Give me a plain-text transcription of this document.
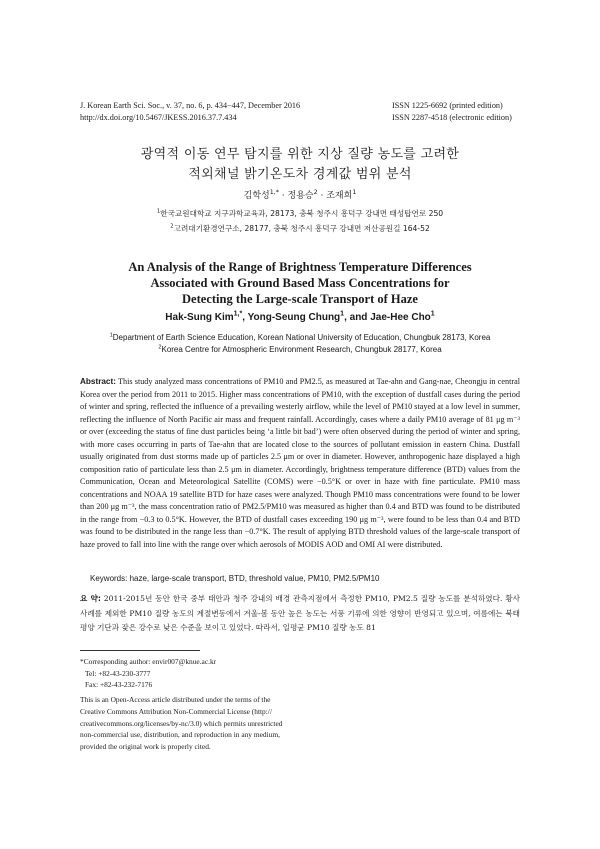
J. Korean Earth Sci. Soc., v. 37, no. 6, p. 434−447, December 2016
http://dx.doi.org/10.5467/JKESS.2016.37.7.434
ISSN 1225-6692 (printed edition)
ISSN 2287-4518 (electronic edition)
광역적 이동 연무 탐지를 위한 지상 질량 농도를 고려한
적외채널 밝기온도차 경계값 범위 분석
김학성$^{1,*}$ · 정용승$^2$ · 조재희$^1$
$^1$한국교원대학교 지구과학교육과, 28173, 충북 청주시 흥덕구 강내면 태성탑연로 250
$^2$고려대기환경연구소, 28177, 충북 청주시 흥덕구 강내면 저산공원길 164-52
An Analysis of the Range of Brightness Temperature Differences
Associated with Ground Based Mass Concentrations for
Detecting the Large-scale Transport of Haze
Hak-Sung Kim$^{1,*}$, Yong-Seung Chung$^1$, and Jae-Hee Cho$^1$
$^1$Department of Earth Science Education, Korean National University of Education, Chungbuk 28173, Korea
$^2$Korea Centre for Atmospheric Environment Research, Chungbuk 28177, Korea

Abstract: This study analyzed mass concentrations of PM10 and PM2.5, as measured at Tae-ahn and Gang-nae, Cheongju in central Korea over the period from 2011 to 2015. Higher mass concentrations of PM10, with the exception of dustfall cases during the period of winter and spring, reflected the influence of a prevailing westerly airflow, while the level of PM10 stayed at a low level in summer, reflecting the influence of North Pacific air mass and frequent rainfall. Accordingly, cases where a daily PM10 average of 81 μg m⁻³ or over (exceeding the status of fine dust particles being ‘a little bit bad’) were often observed during the period of winter and spring, with more cases occurring in parts of Tae-ahn that are located close to the sources of pollutant emission in eastern China. Dustfall usually originated from dust storms made up of particles 2.5 μm or over in diameter. However, anthropogenic haze displayed a high composition ratio of particulate less than 2.5 μm in diameter. Accordingly, brightness temperature difference (BTD) values from the Communication, Ocean and Meteorological Satellite (COMS) were −0.5°K or over in haze with fine particulate. PM10 mass concentrations and NOAA 19 satellite BTD for haze cases were analyzed. Though PM10 mass concentrations were found to be lower than 200 μg m⁻³, the mass concentration ratio of PM2.5/PM10 was measured as higher than 0.4 and BTD was found to be distributed in the range from −0.3 to 0.5°K. However, the BTD of dustfall cases exceeding 190 μg m⁻³, were found to be less than 0.4 and BTD was found to be distributed in the range less than −0.7°K. The result of applying BTD threshold values of the large-scale transport of haze proved to fall into line with the range over which aerosols of MODIS AOD and OMI AI were distributed.

Keywords: haze, large-scale transport, BTD, threshold value, PM10, PM2.5/PM10

요 약: 2011-2015년 동안 한국 중부 태안과 청주 강내의 배경 관측지점에서 측정한 PM10, PM2.5 질량 농도를 분석하였다. 황사 사례를 제외한 PM10 질량 농도의 계절변동에서 겨울-봄 동안 높은 농도는 서풍 기류에 의한 영향이 반영되고 있으며, 여름에는 북태평양 기단과 잦은 강수로 낮은 수준을 보이고 있었다. 따라서, 일평균 PM10 질량 농도 81

*Corresponding author: envir007@knue.ac.kr
Tel: +82-43-230-3777
Fax: +82-43-232-7176
This is an Open-Access article distributed under the terms of the
Creative Commons Attribution Non-Commercial License (http://
creativecommons.org/licenses/by-nc/3.0) which permits unrestricted
non-commercial use, distribution, and reproduction in any medium,
provided the original work is properly cited.
